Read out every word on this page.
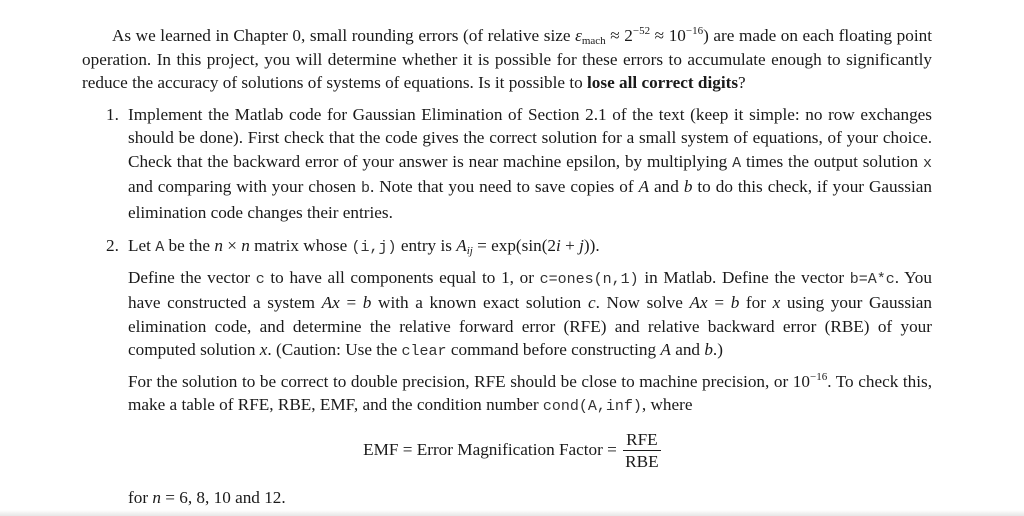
As we learned in Chapter 0, small rounding errors (of relative size $\varepsilon_{mach} \approx 2^{-52} \approx 10^{-16}$) are made on each floating point operation. In this project, you will determine whether it is possible for these errors to accumulate enough to significantly reduce the accuracy of solutions of systems of equations. Is it possible to lose all correct digits?

1. Implement the Matlab code for Gaussian Elimination of Section 2.1 of the text (keep it simple: no row exchanges should be done). First check that the code gives the correct solution for a small system of equations, of your choice. Check that the backward error of your answer is near machine epsilon, by multiplying A times the output solution x and comparing with your chosen b. Note that you need to save copies of A and b to do this check, if your Gaussian elimination code changes their entries.

2. Let A be the n × n matrix whose (i,j) entry is $A_{ij} = \exp(\sin(2i + j))$.

Define the vector c to have all components equal to 1, or c=ones(n,1) in Matlab. Define the vector b=A*c. You have constructed a system Ax = b with a known exact solution c. Now solve Ax = b for x using your Gaussian elimination code, and determine the relative forward error (RFE) and relative backward error (RBE) of your computed solution x. (Caution: Use the clear command before constructing A and b.)

For the solution to be correct to double precision, RFE should be close to machine precision, or $10^{-16}$. To check this, make a table of RFE, RBE, EMF, and the condition number cond(A,inf), where

EMF = Error Magnification Factor = $\frac{\text{RFE}}{\text{RBE}}$

for n = 6, 8, 10 and 12.
